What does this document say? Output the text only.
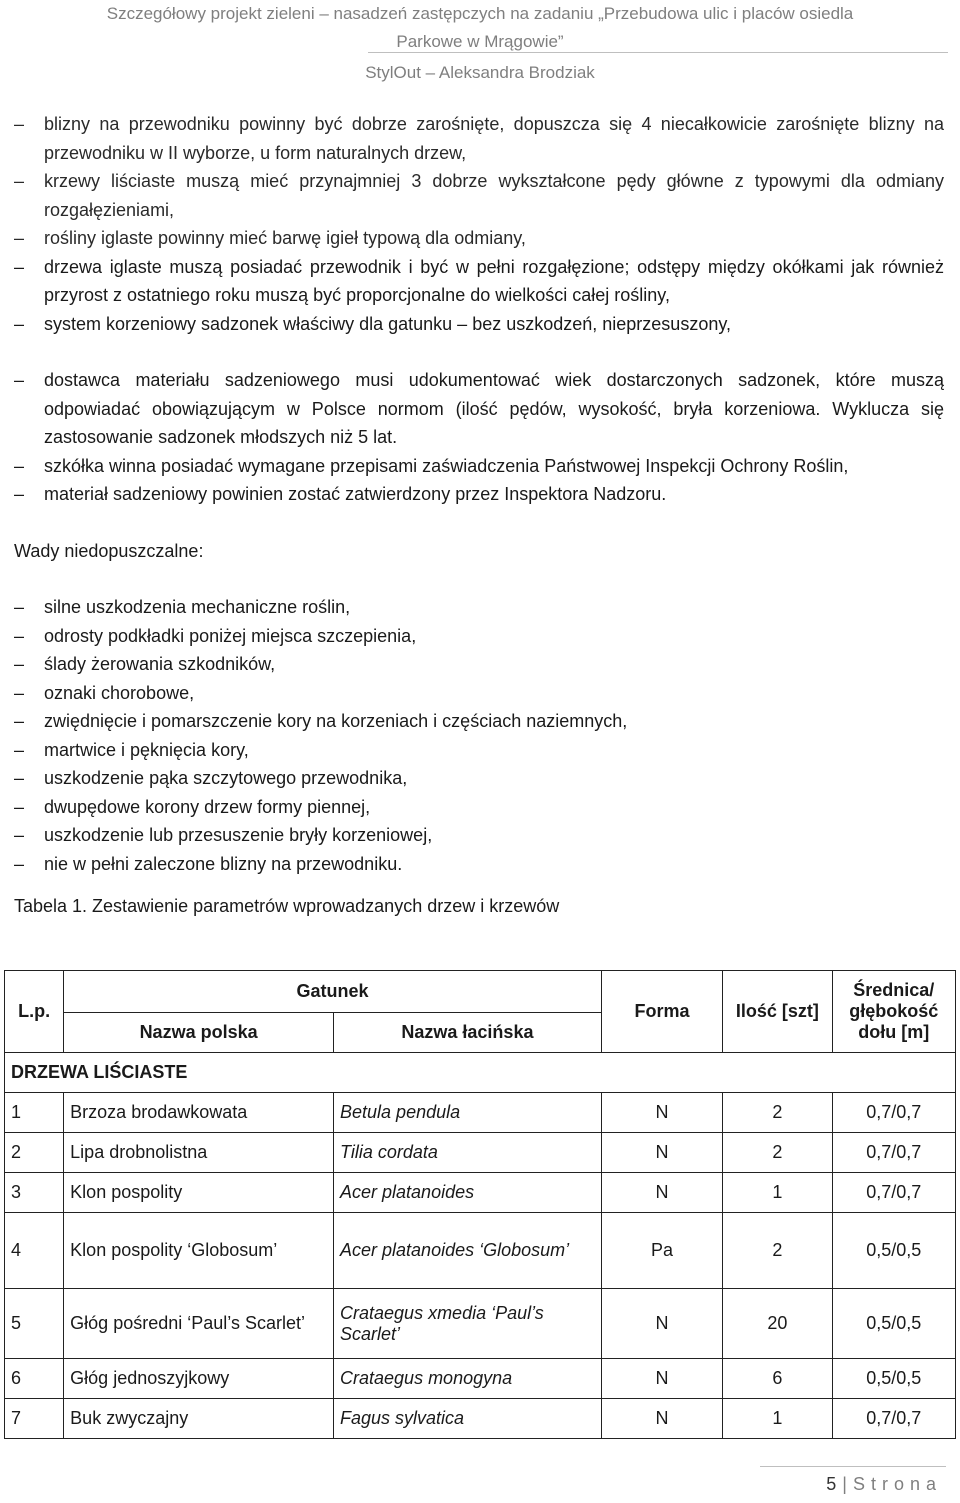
Szczegółowy projekt zieleni – nasadzeń zastępczych na zadaniu „Przebudowa ulic i placów osiedla
Parkowe w Mrągowie”
StylOut – Aleksandra Brodziak
–	blizny na przewodniku powinny być dobrze zarośnięte, dopuszcza się 4 niecałkowicie zarośnięte blizny na przewodniku w II wyborze, u form naturalnych drzew,
–	krzewy liściaste muszą mieć przynajmniej 3 dobrze wykształcone pędy główne z typowymi dla odmiany rozgałęzieniami,
–	rośliny iglaste powinny mieć barwę igieł typową dla odmiany,
–	drzewa iglaste muszą posiadać przewodnik i być w pełni rozgałęzione; odstępy między okółkami jak również przyrost z ostatniego roku muszą być proporcjonalne do wielkości całej rośliny,
–	system korzeniowy sadzonek właściwy dla gatunku – bez uszkodzeń, nieprzesuszony,
–	dostawca materiału sadzeniowego musi udokumentować wiek dostarczonych sadzonek, które muszą odpowiadać obowiązującym w Polsce normom (ilość pędów, wysokość, bryła korzeniowa. Wyklucza się zastosowanie sadzonek młodszych niż 5 lat.
–	szkółka winna posiadać wymagane przepisami zaświadczenia Państwowej Inspekcji Ochrony Roślin,
–	materiał sadzeniowy powinien zostać zatwierdzony przez Inspektora Nadzoru.

Wady niedopuszczalne:

–	silne uszkodzenia mechaniczne roślin,
–	odrosty podkładki poniżej miejsca szczepienia,
–	ślady żerowania szkodników,
–	oznaki chorobowe,
–	zwiędnięcie i pomarszczenie kory na korzeniach i częściach naziemnych,
–	martwice i pęknięcia kory,
–	uszkodzenie pąka szczytowego przewodnika,
–	dwupędowe korony drzew formy piennej,
–	uszkodzenie lub przesuszenie bryły korzeniowej,
–	nie w pełni zaleczone blizny na przewodniku.

Tabela 1. Zestawienie parametrów wprowadzanych drzew i krzewów

L.p.	Gatunek		Forma	Ilość [szt]	Średnica/ głębokość dołu [m]
	Nazwa polska	Nazwa łacińska			
DRZEWA LIŚCIASTE					
1	Brzoza brodawkowata	Betula pendula	N	2	0,7/0,7
2	Lipa drobnolistna	Tilia cordata	N	2	0,7/0,7
3	Klon pospolity	Acer platanoides	N	1	0,7/0,7
4	Klon pospolity ‘Globosum’	Acer platanoides ‘Globosum’	Pa	2	0,5/0,5
5	Głóg pośredni ‘Paul’s Scarlet’	Crataegus xmedia ‘Paul’s Scarlet’	N	20	0,5/0,5
6	Głóg jednoszyjkowy	Crataegus monogyna	N	6	0,5/0,5
7	Buk zwyczajny	Fagus sylvatica	N	1	0,7/0,7
5 | Strona
